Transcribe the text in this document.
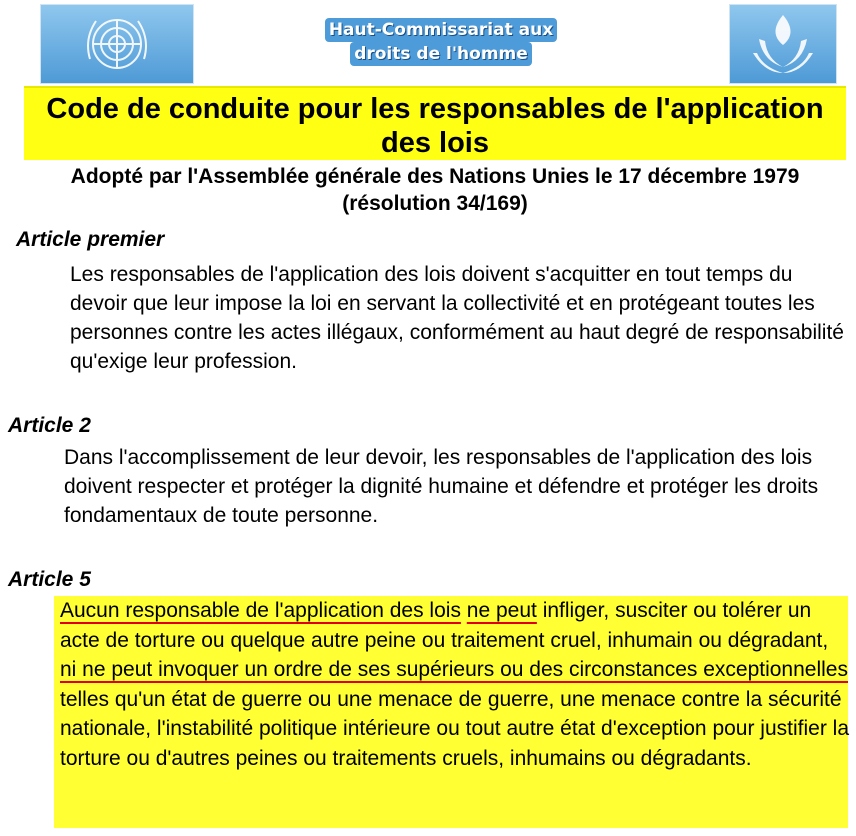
Haut-Commissariat aux
droits de l'homme
Code de conduite pour les responsables de l'application des lois
Adopté par l'Assemblée générale des Nations Unies le 17 décembre 1979 (résolution 34/169)
Article premier
Les responsables de l'application des lois doivent s'acquitter en tout temps du devoir que leur impose la loi en servant la collectivité et en protégeant toutes les personnes contre les actes illégaux, conformément au haut degré de responsabilité qu'exige leur profession.
Article 2
Dans l'accomplissement de leur devoir, les responsables de l'application des lois doivent respecter et protéger la dignité humaine et défendre et protéger les droits fondamentaux de toute personne.
Article 5
Aucun responsable de l'application des lois ne peut infliger, susciter ou tolérer un acte de torture ou quelque autre peine ou traitement cruel, inhumain ou dégradant, ni ne peut invoquer un ordre de ses supérieurs ou des circonstances exceptionnelles telles qu'un état de guerre ou une menace de guerre, une menace contre la sécurité nationale, l'instabilité politique intérieure ou tout autre état d'exception pour justifier la torture ou d'autres peines ou traitements cruels, inhumains ou dégradants.
